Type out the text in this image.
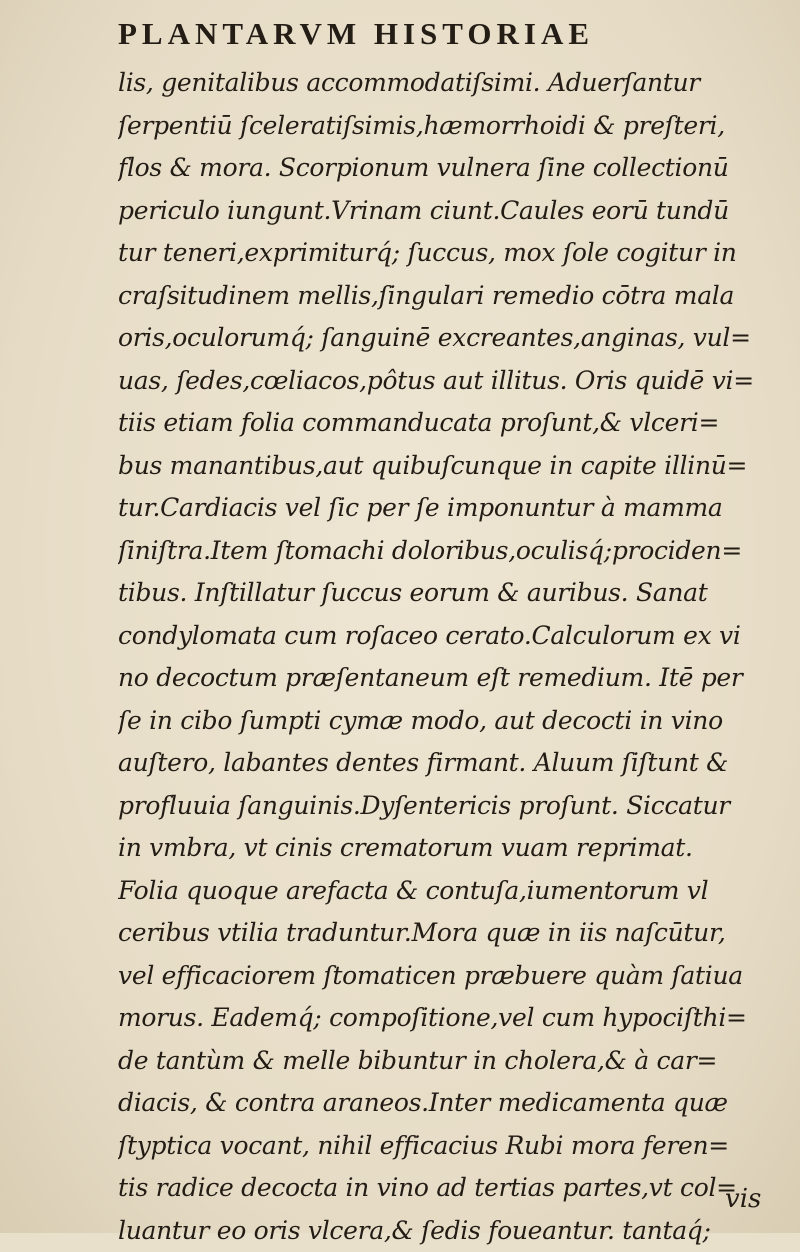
PLANTARVM HISTORIAE
lis, genitalibus accommodatiſsimi. Aduerſantur
ſerpentiū ſceleratiſsimis,hæmorrhoidi & preſteri,
flos & mora. Scorpionum vulnera ſine collectionū
periculo iungunt.Vrinam ciunt.Caules eorū tundū
tur teneri,exprimiturq́; ſuccus, mox ſole cogitur in
craſsitudinem mellis,ſingulari remedio cōtra mala
oris,oculorumq́; ſanguinē excreantes,anginas, vul=
uas, ſedes,cœliacos,pôtus aut illitus. Oris quidē vi=
tiis etiam folia commanducata proſunt,& vlceri=
bus manantibus,aut quibuſcunque in capite illinū=
tur.Cardiacis vel ſic per ſe imponuntur à mamma
ſiniſtra.Item ſtomachi doloribus,oculisq́;prociden=
tibus. Inſtillatur ſuccus eorum & auribus. Sanat
condylomata cum roſaceo cerato.Calculorum ex vi
no decoctum præſentaneum eſt remedium. Itē per
ſe in cibo ſumpti cymæ modo, aut decocti in vino
auſtero, labantes dentes firmant. Aluum ſiſtunt &
profluuia ſanguinis.Dyſentericis proſunt. Siccatur
in vmbra, vt cinis crematorum vuam reprimat.
Folia quoque arefacta & contuſa,iumentorum vl
ceribus vtilia traduntur.Mora quæ in iis naſcūtur,
vel efficaciorem ſtomaticen præbuere quàm ſatiua
morus. Eademq́; compoſitione,vel cum hypociſthi=
de tantùm & melle bibuntur in cholera,& à car=
diacis, & contra araneos.Inter medicamenta quæ
ſtyptica vocant, nihil efficacius Rubi mora feren=
tis radice decocta in vino ad tertias partes,vt col=
luantur eo oris vlcera,& ſedis foueantur. tantaq́;
vis
